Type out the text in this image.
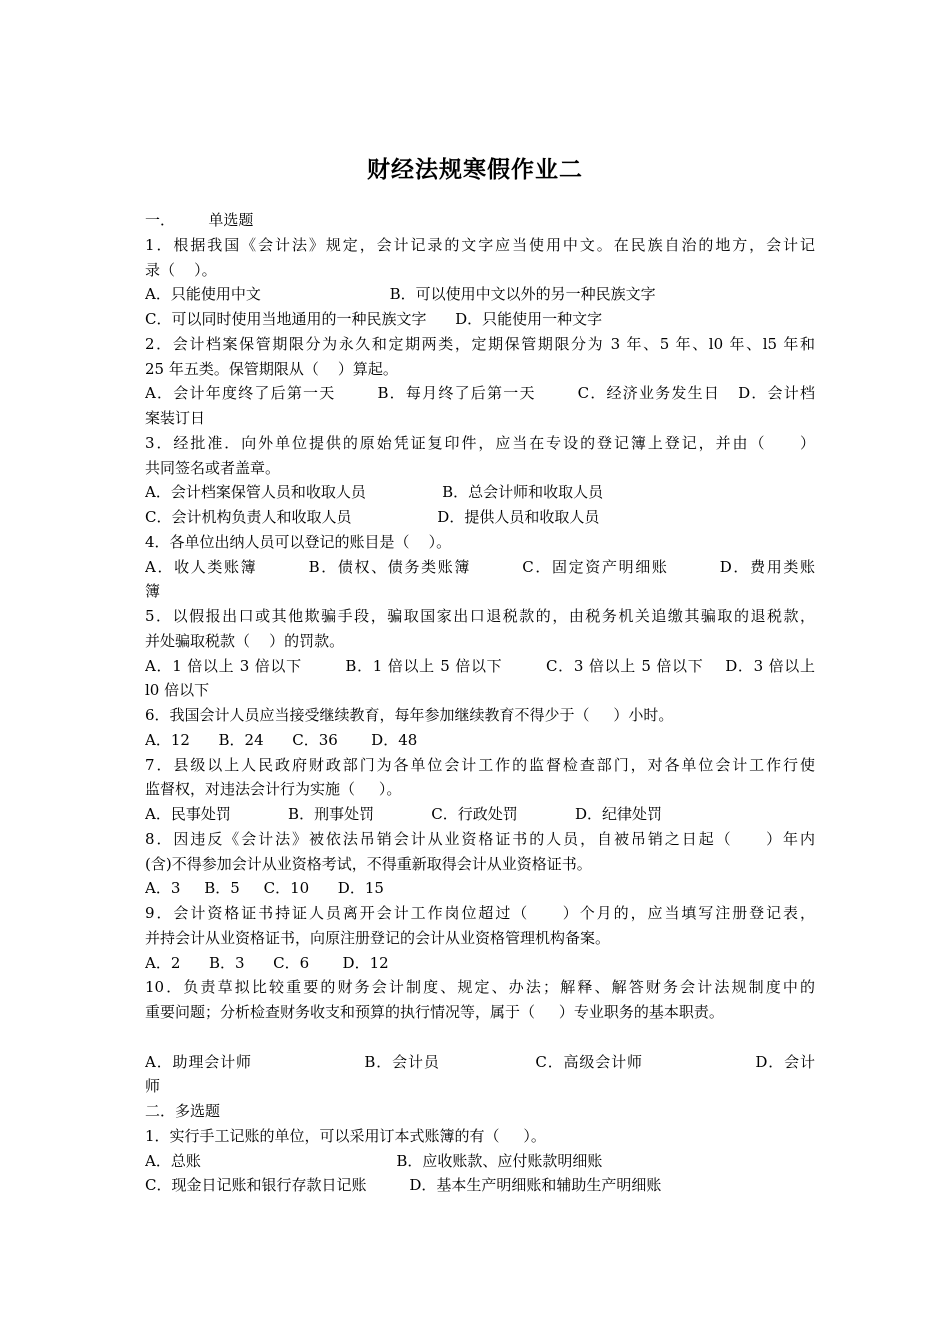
财经法规寒假作业二
一．       单选题
1．根据我国《会计法》规定，会计记录的文字应当使用中文。在民族自治的地方，会计记
录（    ）。
A．只能使用中文                           B．可以使用中文以外的另一种民族文字
C．可以同时使用当地通用的一种民族文字      D．只能使用一种文字
2．会计档案保管期限分为永久和定期两类，定期保管期限分为 3 年、5 年、l0 年、l5 年和
25 年五类。保管期限从（    ）算起。
A．会计年度终了后第一天       B．每月终了后第一天       C．经济业务发生日   D．会计档
案装订日
3．经批准．向外单位提供的原始凭证复印件，应当在专设的登记簿上登记，并由（     ）
共同签名或者盖章。
A．会计档案保管人员和收取人员                B．总会计师和收取人员
C．会计机构负责人和收取人员                  D．提供人员和收取人员
4．各单位出纳人员可以登记的账目是（    ）。
A．收人类账簿        B．债权、债务类账簿        C．固定资产明细账        D．费用类账
簿
5．以假报出口或其他欺骗手段，骗取国家出口退税款的，由税务机关追缴其骗取的退税款，
并处骗取税款（    ）的罚款。
A．1 倍以上 3 倍以下        B．1 倍以上 5 倍以下        C．3 倍以上 5 倍以下    D．3 倍以上
l0 倍以下
6．我国会计人员应当接受继续教育，每年参加继续教育不得少于（     ）小时。
A．12      B．24      C．36       D．48
7．县级以上人民政府财政部门为各单位会计工作的监督检查部门，对各单位会计工作行使
监督权，对违法会计行为实施（     ）。
A．民事处罚            B．刑事处罚            C．行政处罚            D．纪律处罚
8．因违反《会计法》被依法吊销会计从业资格证书的人员，自被吊销之日起（     ）年内
(含)不得参加会计从业资格考试，不得重新取得会计从业资格证书。
A．3     B．5     C．10      D．15
9．会计资格证书持证人员离开会计工作岗位超过（     ）个月的，应当填写注册登记表，
并持会计从业资格证书，向原注册登记的会计从业资格管理机构备案。
A．2      B．3      C．6       D．12
10．负责草拟比较重要的财务会计制度、规定、办法；解释、解答财务会计法规制度中的
重要问题；分析检查财务收支和预算的执行情况等，属于（     ）专业职务的基本职责。
A．助理会计师                    B．会计员                 C．高级会计师                    D．会计
师
二．多选题
1．实行手工记账的单位，可以采用订本式账簿的有（     ）。
A．总账                                         B．应收账款、应付账款明细账
C．现金日记账和银行存款日记账         D．基本生产明细账和辅助生产明细账
